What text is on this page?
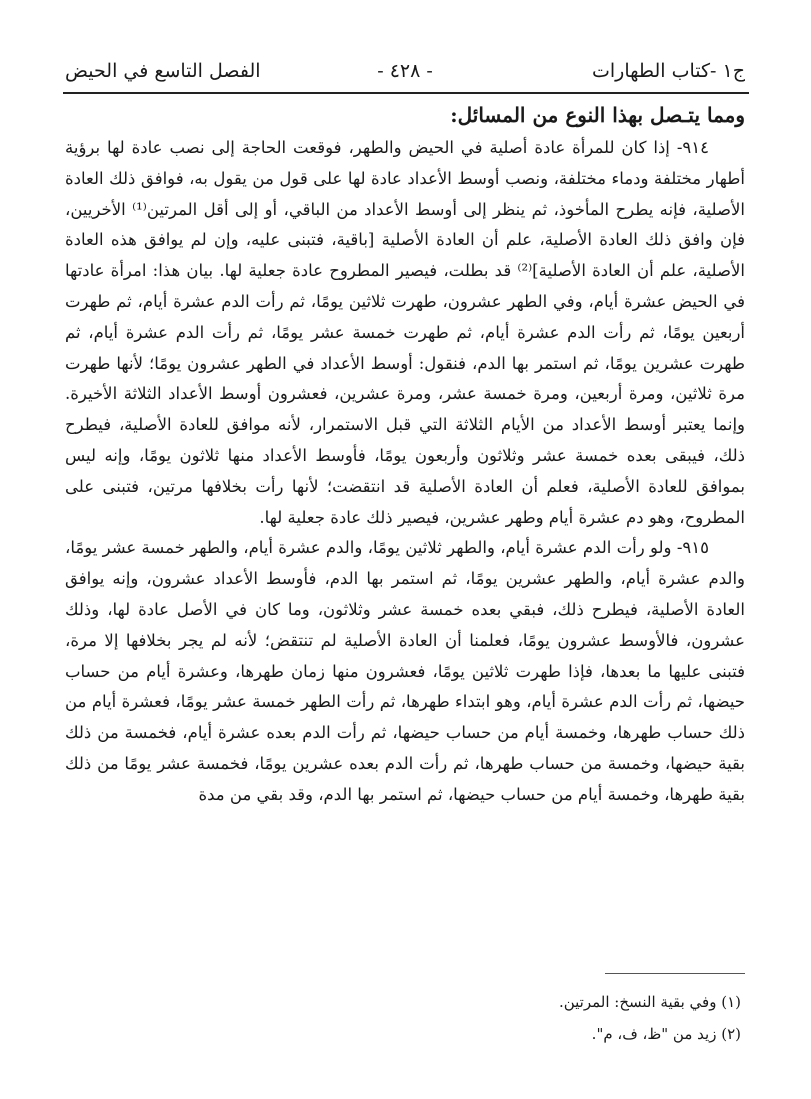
ج١ -كتاب الطهارات
- ٤٢٨ -
الفصل التاسع في الحيض
ومما يتـصل بهذا النوع من المسائل:

٩١٤- إذا كان للمرأة عادة أصلية في الحيض والطهر، فوقعت الحاجة إلى نصب عادة لها برؤية أطهار مختلفة ودماء مختلفة، ونصب أوسط الأعداد عادة لها على قول من يقول به، فوافق ذلك العادة الأصلية، فإنه يطرح المأخوذ، ثم ينظر إلى أوسط الأعداد من الباقي، أو إلى أقل المرتين⁽¹⁾ الأخريين، فإن وافق ذلك العادة الأصلية، علم أن العادة الأصلية [باقية، فتبنى عليه، وإن لم يوافق هذه العادة الأصلية، علم أن العادة الأصلية]⁽²⁾ قد بطلت، فيصير المطروح عادة جعلية لها. بيان هذا: امرأة عادتها في الحيض عشرة أيام، وفي الطهر عشرون، طهرت ثلاثين يومًا، ثم رأت الدم عشرة أيام، ثم طهرت أربعين يومًا، ثم رأت الدم عشرة أيام، ثم طهرت خمسة عشر يومًا، ثم رأت الدم عشرة أيام، ثم طهرت عشرين يومًا، ثم استمر بها الدم، فنقول: أوسط الأعداد في الطهر عشرون يومًا؛ لأنها طهرت مرة ثلاثين، ومرة أربعين، ومرة خمسة عشر، ومرة عشرين، فعشرون أوسط الأعداد الثلاثة الأخيرة. وإنما يعتبر أوسط الأعداد من الأيام الثلاثة التي قبل الاستمرار، لأنه موافق للعادة الأصلية، فيطرح ذلك، فيبقى بعده خمسة عشر وثلاثون وأربعون يومًا، فأوسط الأعداد منها ثلاثون يومًا، وإنه ليس بموافق للعادة الأصلية، فعلم أن العادة الأصلية قد انتقضت؛ لأنها رأت بخلافها مرتين، فتبنى على المطروح، وهو دم عشرة أيام وطهر عشرين، فيصير ذلك عادة جعلية لها.

٩١٥- ولو رأت الدم عشرة أيام، والطهر ثلاثين يومًا، والدم عشرة أيام، والطهر خمسة عشر يومًا، والدم عشرة أيام، والطهر عشرين يومًا، ثم استمر بها الدم، فأوسط الأعداد عشرون، وإنه يوافق العادة الأصلية، فيطرح ذلك، فبقي بعده خمسة عشر وثلاثون، وما كان في الأصل عادة لها، وذلك عشرون، فالأوسط عشرون يومًا، فعلمنا أن العادة الأصلية لم تنتقض؛ لأنه لم يجر بخلافها إلا مرة، فتبنى عليها ما بعدها، فإذا طهرت ثلاثين يومًا، فعشرون منها زمان طهرها، وعشرة أيام من حساب حيضها، ثم رأت الدم عشرة أيام، وهو ابتداء طهرها، ثم رأت الطهر خمسة عشر يومًا، فعشرة أيام من ذلك حساب طهرها، وخمسة أيام من حساب حيضها، ثم رأت الدم بعده عشرة أيام، فخمسة من ذلك بقية حيضها، وخمسة من حساب طهرها، ثم رأت الدم بعده عشرين يومًا، فخمسة عشر يومًا من ذلك بقية طهرها، وخمسة أيام من حساب حيضها، ثم استمر بها الدم، وقد بقي من مدة

(١) وفي بقية النسخ: المرتين.
(٢) زيد من "ظ، ف، م".
